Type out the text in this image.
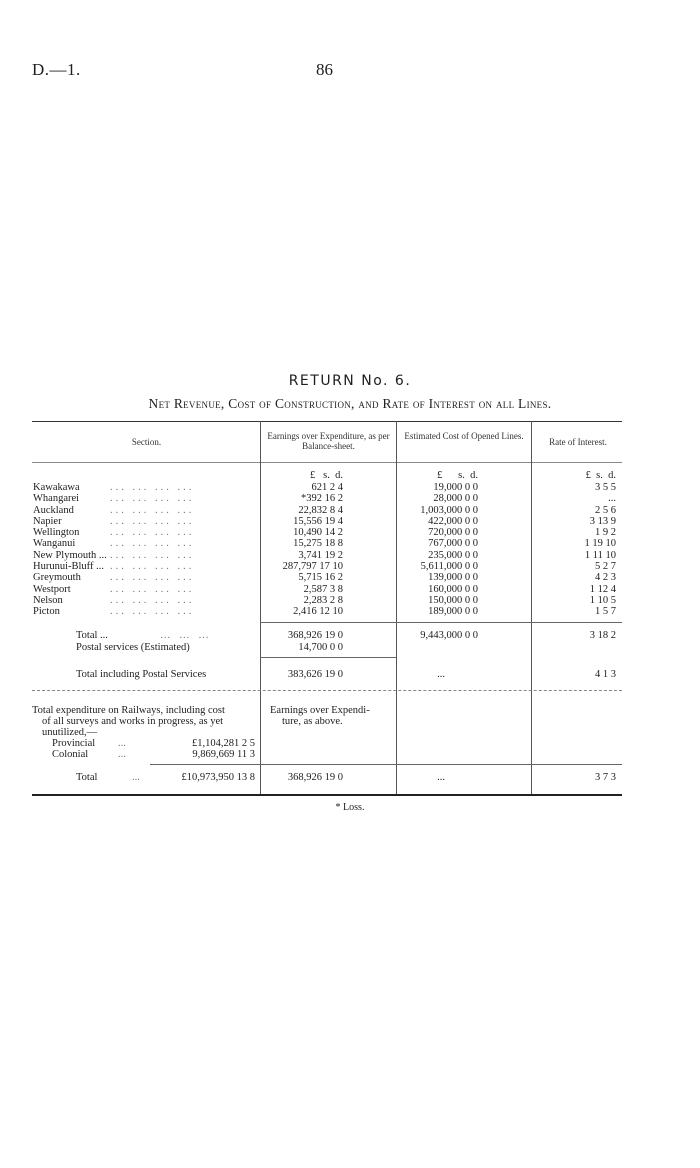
D.—1.	86
RETURN No. 6.
Net Revenue, Cost of Construction, and Rate of Interest on all Lines.
Section.
Earnings over Expenditure, as per Balance-sheet.
Estimated Cost of Opened Lines.
Rate of Interest.
£   s.  d.	£      s.  d.	£  s.  d.
Kawakawa	... ... ... ...	621 2 4	19,000 0 0	3 5 5
Whangarei	... ... ... ...	*392 16 2	28,000 0 0	...
Auckland	... ... ... ...	22,832 8 4	1,003,000 0 0	2 5 6
Napier	... ... ... ...	15,556 19 4	422,000 0 0	3 13 9
Wellington	... ... ... ...	10,490 14 2	720,000 0 0	1 9 2
Wanganui	... ... ... ...	15,275 18 8	767,000 0 0	1 19 10
New Plymouth ... ... ... ... ...	3,741 19 2	235,000 0 0	1 11 10
Hurunui-Bluff ... ... ... ... ...	287,797 17 10	5,611,000 0 0	5 2 7
Greymouth	... ... ... ...	5,715 16 2	139,000 0 0	4 2 3
Westport	... ... ... ...	2,587 3 8	160,000 0 0	1 12 4
Nelson	... ... ... ...	2,283 2 8	150,000 0 0	1 10 5
Picton	... ... ... ...	2,416 12 10	189,000 0 0	1 5 7
Total ...	… … …	368,926 19 0	9,443,000 0 0	3 18 2
Postal services (Estimated)	14,700 0 0
Total including Postal Services	383,626 19 0	...	4 1 3
Total expenditure on Railways, including cost
of all surveys and works in progress, as yet
unutilized,—
Provincial ...	£1,104,281 2 5
Colonial	...	9,869,669 11 3
Earnings over Expendi-
ture, as above.
Total	...	£10,973,950 13 8	368,926 19 0	...	3 7 3
* Loss.
